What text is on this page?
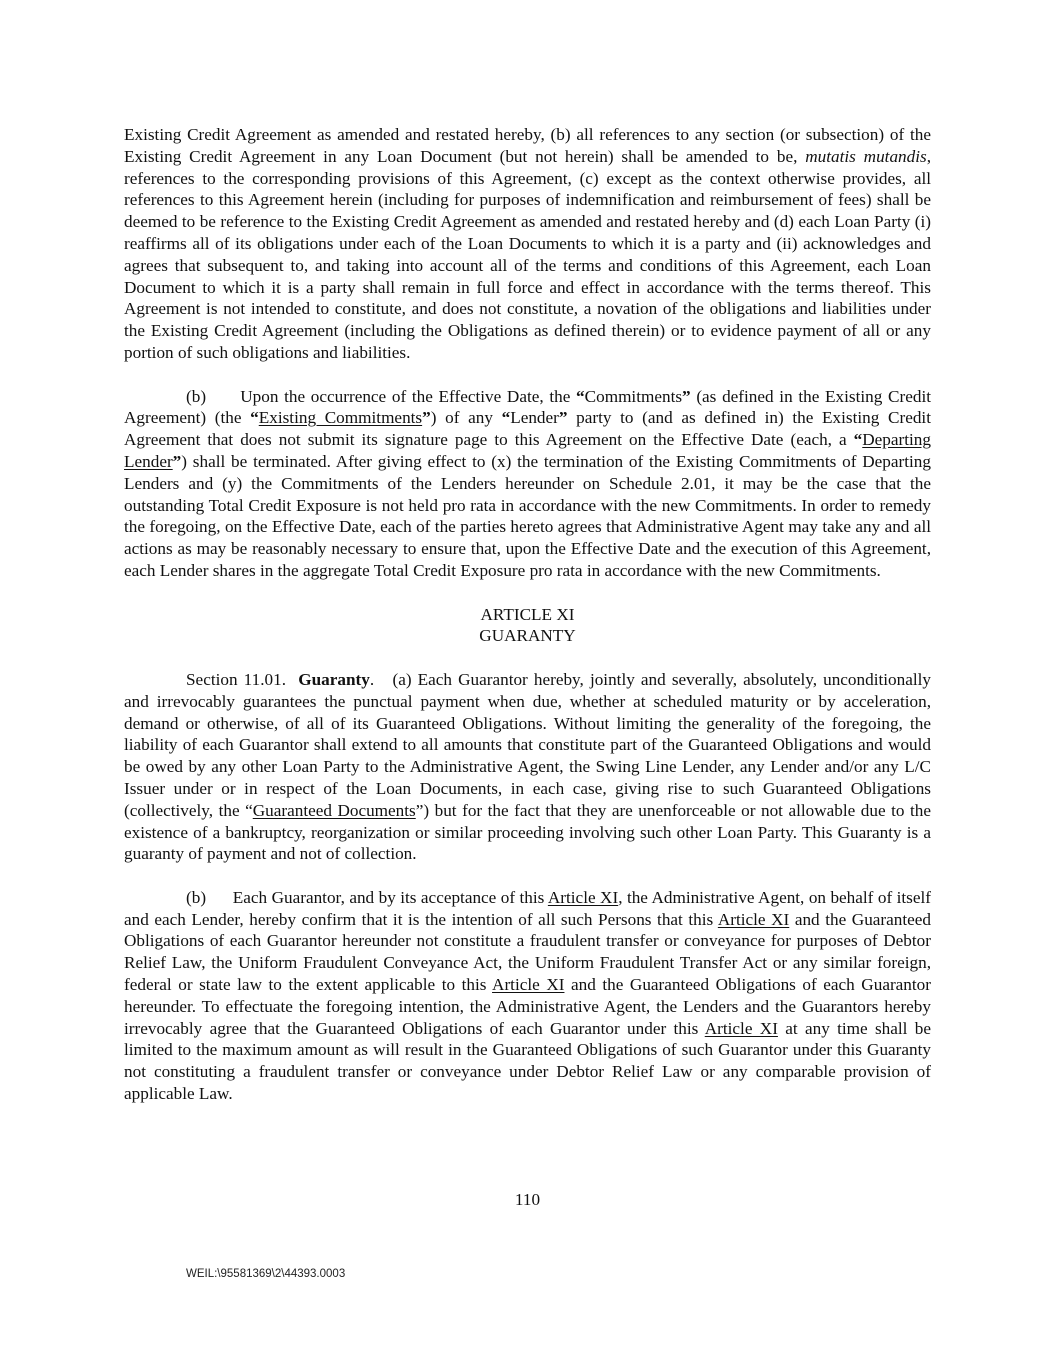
Existing Credit Agreement as amended and restated hereby, (b) all references to any section (or subsection) of the Existing Credit Agreement in any Loan Document (but not herein) shall be amended to be, mutatis mutandis, references to the corresponding provisions of this Agreement, (c) except as the context otherwise provides, all references to this Agreement herein (including for purposes of indemnification and reimbursement of fees) shall be deemed to be reference to the Existing Credit Agreement as amended and restated hereby and (d) each Loan Party (i) reaffirms all of its obligations under each of the Loan Documents to which it is a party and (ii) acknowledges and agrees that subsequent to, and taking into account all of the terms and conditions of this Agreement, each Loan Document to which it is a party shall remain in full force and effect in accordance with the terms thereof. This Agreement is not intended to constitute, and does not constitute, a novation of the obligations and liabilities under the Existing Credit Agreement (including the Obligations as defined therein) or to evidence payment of all or any portion of such obligations and liabilities.

(b) Upon the occurrence of the Effective Date, the “Commitments” (as defined in the Existing Credit Agreement) (the “Existing Commitments”) of any “Lender” party to (and as defined in) the Existing Credit Agreement that does not submit its signature page to this Agreement on the Effective Date (each, a “Departing Lender”) shall be terminated. After giving effect to (x) the termination of the Existing Commitments of Departing Lenders and (y) the Commitments of the Lenders hereunder on Schedule 2.01, it may be the case that the outstanding Total Credit Exposure is not held pro rata in accordance with the new Commitments. In order to remedy the foregoing, on the Effective Date, each of the parties hereto agrees that Administrative Agent may take any and all actions as may be reasonably necessary to ensure that, upon the Effective Date and the execution of this Agreement, each Lender shares in the aggregate Total Credit Exposure pro rata in accordance with the new Commitments.

ARTICLE XI
GUARANTY

Section 11.01. Guaranty. (a) Each Guarantor hereby, jointly and severally, absolutely, unconditionally and irrevocably guarantees the punctual payment when due, whether at scheduled maturity or by acceleration, demand or otherwise, of all of its Guaranteed Obligations. Without limiting the generality of the foregoing, the liability of each Guarantor shall extend to all amounts that constitute part of the Guaranteed Obligations and would be owed by any other Loan Party to the Administrative Agent, the Swing Line Lender, any Lender and/or any L/C Issuer under or in respect of the Loan Documents, in each case, giving rise to such Guaranteed Obligations (collectively, the “Guaranteed Documents”) but for the fact that they are unenforceable or not allowable due to the existence of a bankruptcy, reorganization or similar proceeding involving such other Loan Party. This Guaranty is a guaranty of payment and not of collection.

(b) Each Guarantor, and by its acceptance of this Article XI, the Administrative Agent, on behalf of itself and each Lender, hereby confirm that it is the intention of all such Persons that this Article XI and the Guaranteed Obligations of each Guarantor hereunder not constitute a fraudulent transfer or conveyance for purposes of Debtor Relief Law, the Uniform Fraudulent Conveyance Act, the Uniform Fraudulent Transfer Act or any similar foreign, federal or state law to the extent applicable to this Article XI and the Guaranteed Obligations of each Guarantor hereunder. To effectuate the foregoing intention, the Administrative Agent, the Lenders and the Guarantors hereby irrevocably agree that the Guaranteed Obligations of each Guarantor under this Article XI at any time shall be limited to the maximum amount as will result in the Guaranteed Obligations of such Guarantor under this Guaranty not constituting a fraudulent transfer or conveyance under Debtor Relief Law or any comparable provision of applicable Law.

110
WEIL:\95581369\2\44393.0003
